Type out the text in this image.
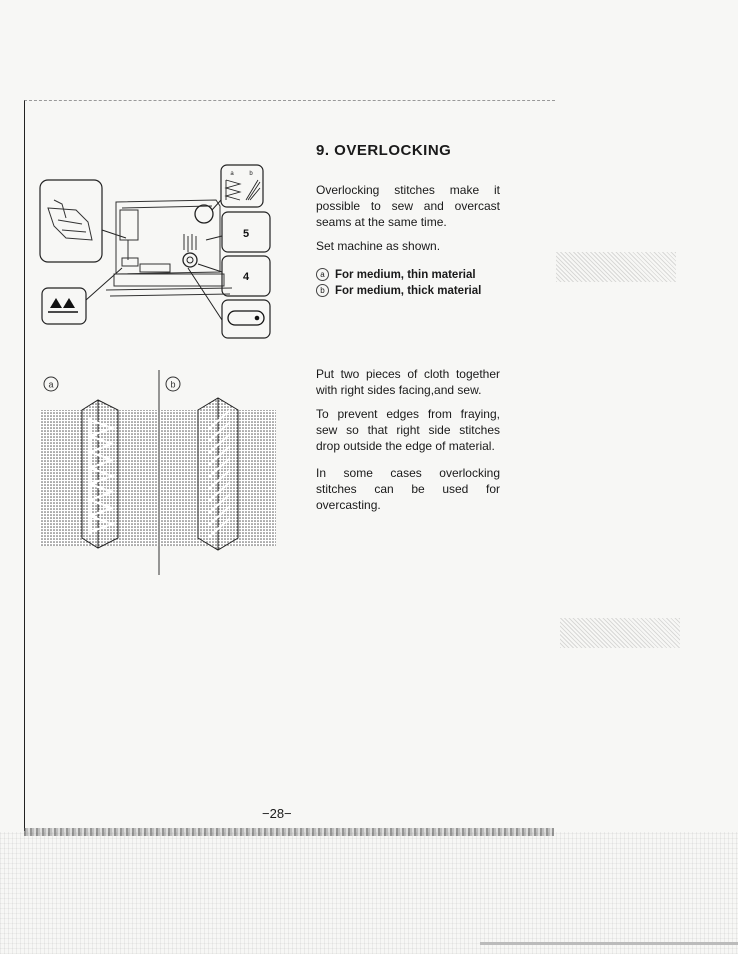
a	b
5
4
a	b
9. OVERLOCKING

Overlocking stitches make it possible to sew and overcast seams at the same time.

Set machine as shown.

a For medium, thin material
b For medium, thick material

Put two pieces of cloth together with right sides facing,and sew.

To prevent edges from fraying, sew so that right side stitches drop outside the edge of material.

In some cases overlocking stitches can be used for overcasting.

−28−
